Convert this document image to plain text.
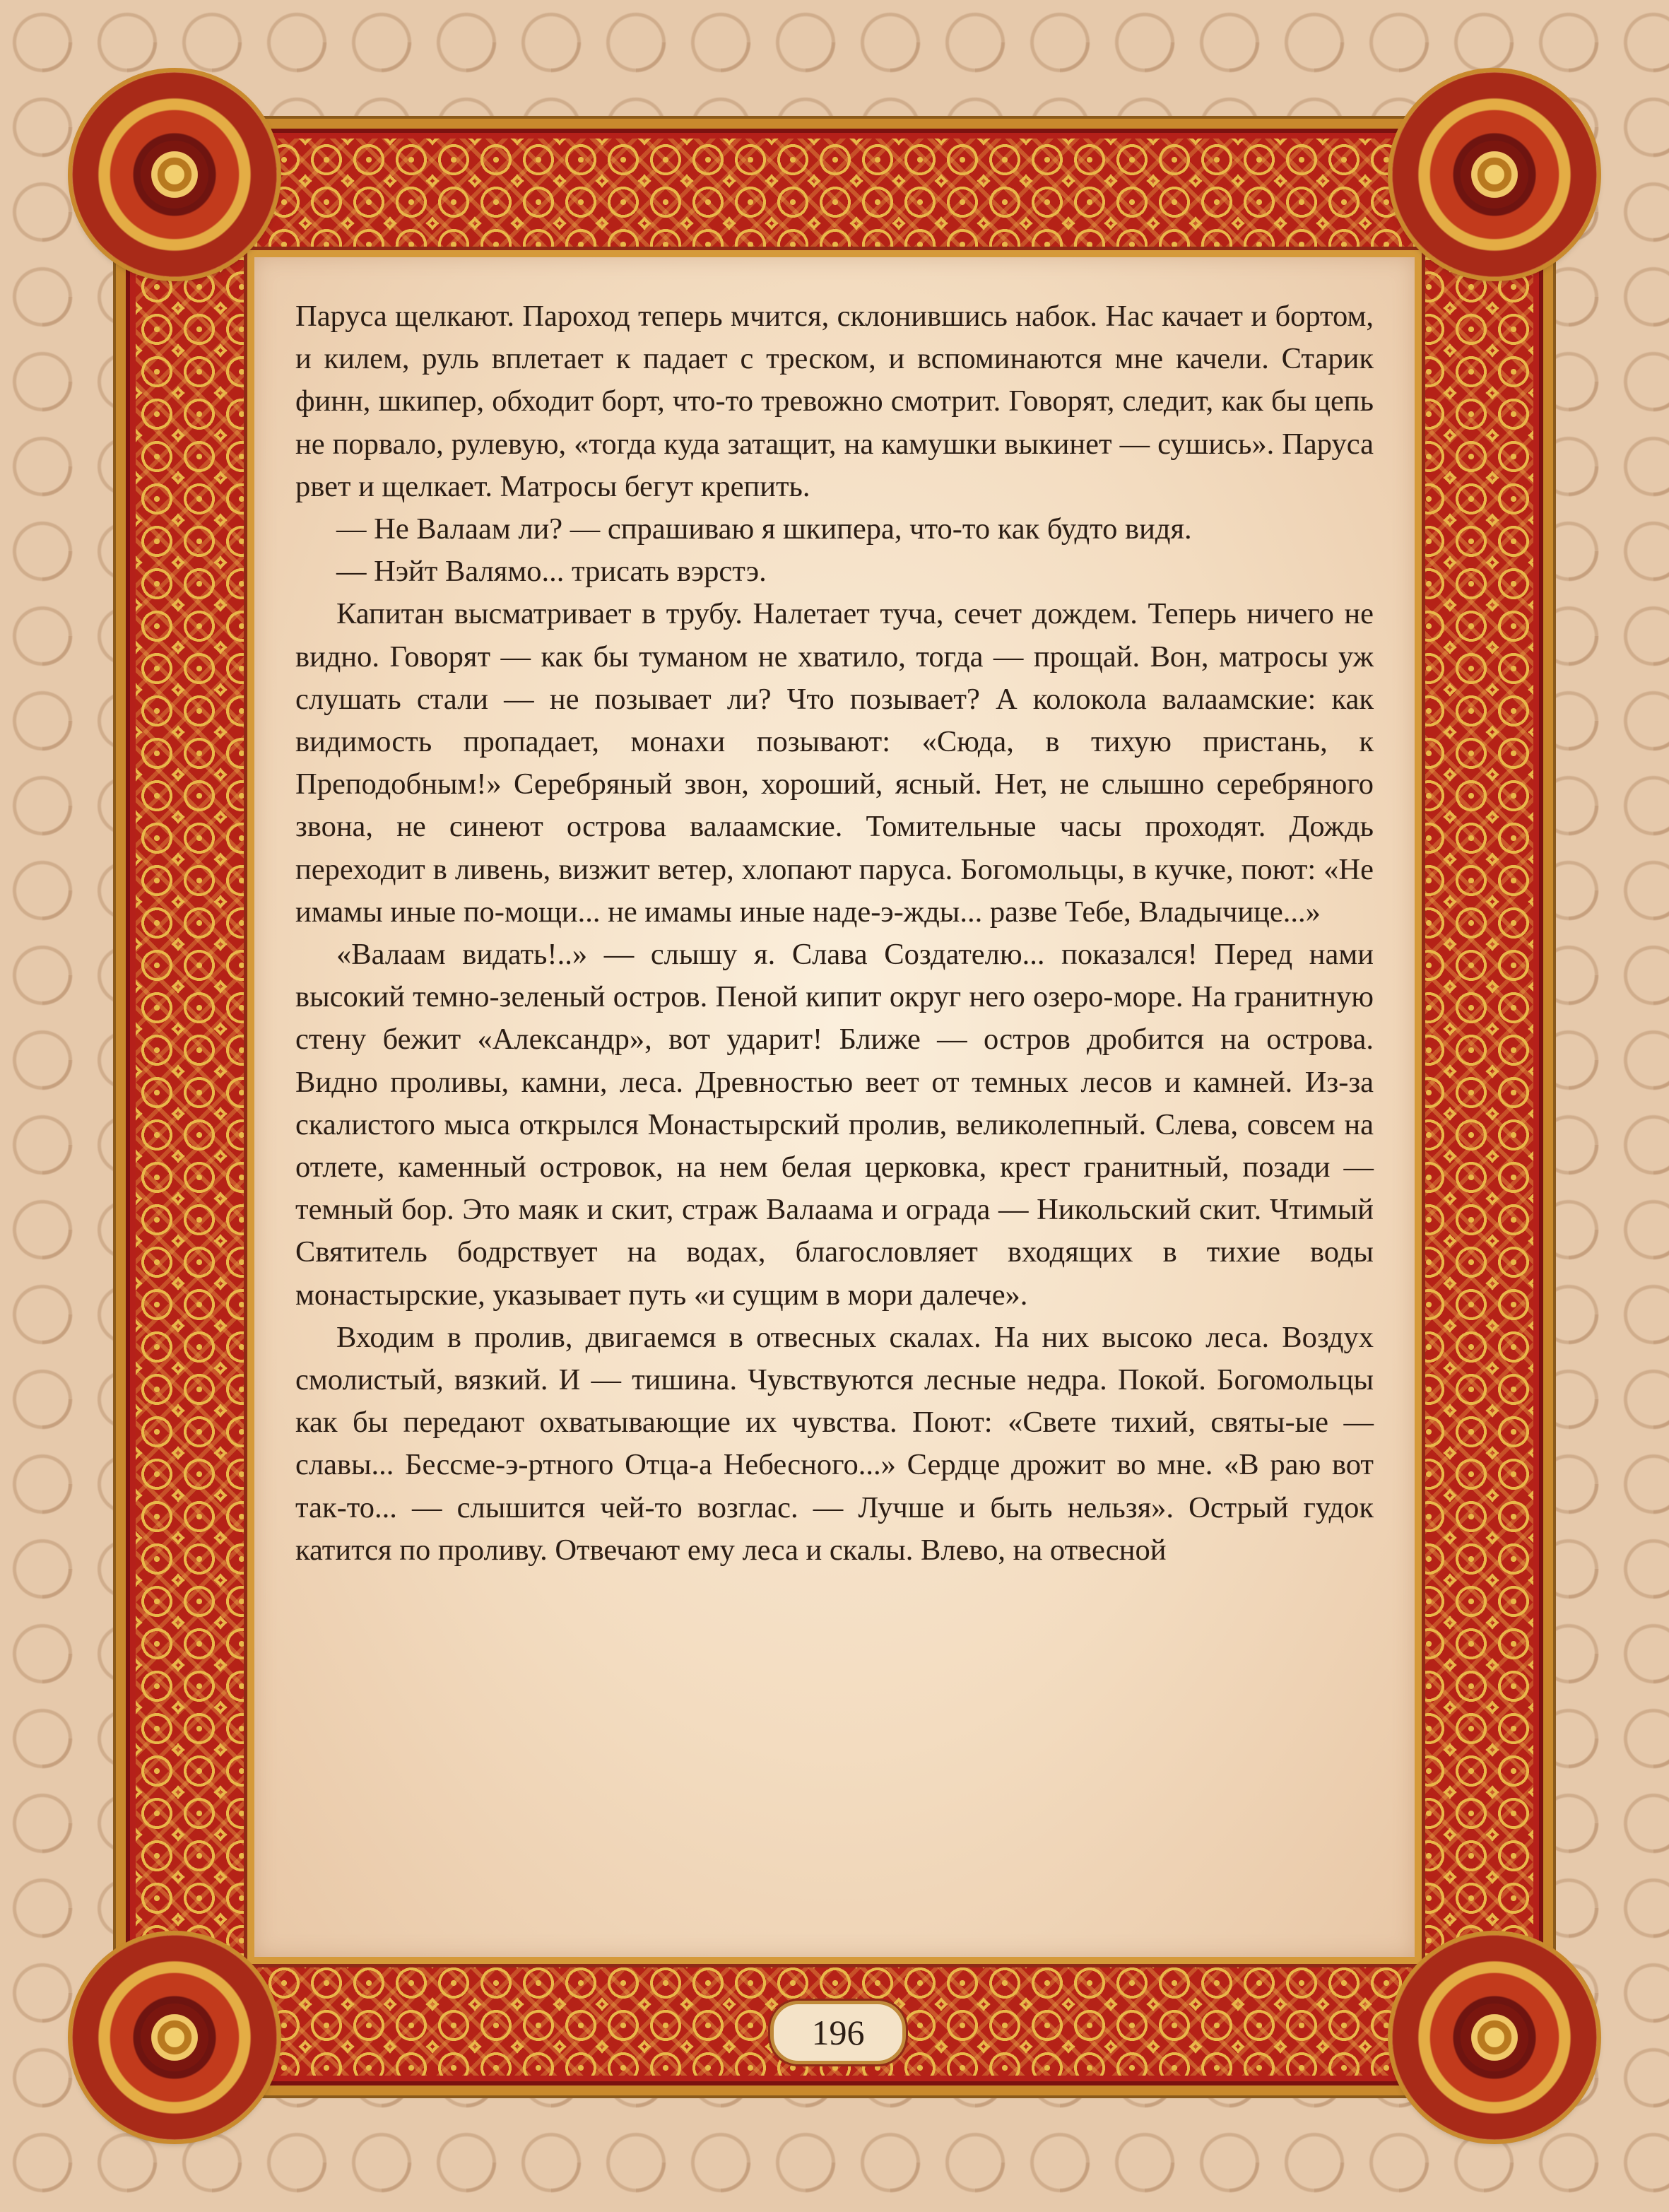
Паруса щелкают. Пароход теперь мчится, склонившись набок. Нас качает и бортом, и килем, руль вплетает к падает с треском, и вспоминаются мне качели. Старик финн, шкипер, обходит борт, что-то тревожно смотрит. Говорят, следит, как бы цепь не порвало, рулевую, «тогда куда затащит, на камушки выкинет — сушись». Паруса рвет и щелкает. Матросы бегут крепить.

— Не Валаам ли? — спрашиваю я шкипера, что-то как будто видя.

— Нэйт Валямо... трисать вэрстэ.

Капитан высматривает в трубу. Налетает туча, сечет дождем. Теперь ничего не видно. Говорят — как бы туманом не хватило, тогда — прощай. Вон, матросы уж слушать стали — не позывает ли? Что позывает? А колокола валаамские: как видимость пропадает, монахи позывают: «Сюда, в тихую пристань, к Преподобным!» Серебряный звон, хороший, ясный. Нет, не слышно серебряного звона, не синеют острова валаамские. Томительные часы проходят. Дождь переходит в ливень, визжит ветер, хлопают паруса. Богомольцы, в кучке, поют: «Не имамы иные по-мощи... не имамы иные наде-э-жды... разве Тебе, Владычице...»

«Валаам видать!..» — слышу я. Слава Создателю... показался! Перед нами высокий темно-зеленый остров. Пеной кипит округ него озеро-море. На гранитную стену бежит «Александр», вот ударит! Ближе — остров дробится на острова. Видно проливы, камни, леса. Древностью веет от темных лесов и камней. Из-за скалистого мыса открылся Монастырский пролив, великолепный. Слева, совсем на отлете, каменный островок, на нем белая церковка, крест гранитный, позади — темный бор. Это маяк и скит, страж Валаама и ограда — Никольский скит. Чтимый Святитель бодрствует на водах, благословляет входящих в тихие воды монастырские, указывает путь «и сущим в мори далече».

Входим в пролив, двигаемся в отвесных скалах. На них высоко леса. Воздух смолистый, вязкий. И — тишина. Чувствуются лесные недра. Покой. Богомольцы как бы передают охватывающие их чувства. Поют: «Свете тихий, святы-ые — славы... Бессме-э-ртного Отца-а Небесного...» Сердце дрожит во мне. «В раю вот так-то... — слышится чей-то возглас. — Лучше и быть нельзя». Острый гудок катится по проливу. Отвечают ему леса и скалы. Влево, на отвесной

196
